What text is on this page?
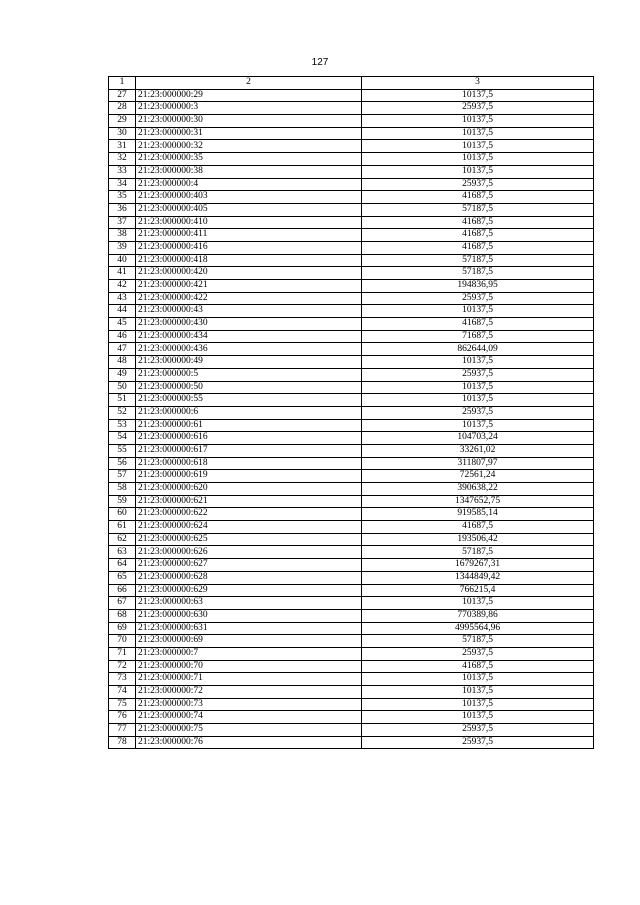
127
1	2	3
27	21:23:000000:29	10137,5
28	21:23:000000:3	25937,5
29	21:23:000000:30	10137,5
30	21:23:000000:31	10137,5
31	21:23:000000:32	10137,5
32	21:23:000000:35	10137,5
33	21:23:000000:38	10137,5
34	21:23:000000:4	25937,5
35	21:23:000000:403	41687,5
36	21:23:000000:405	57187,5
37	21:23:000000:410	41687,5
38	21:23:000000:411	41687,5
39	21:23:000000:416	41687,5
40	21:23:000000:418	57187,5
41	21:23:000000:420	57187,5
42	21:23:000000:421	194836,95
43	21:23:000000:422	25937,5
44	21:23:000000:43	10137,5
45	21:23:000000:430	41687,5
46	21:23:000000:434	71687,5
47	21:23:000000:436	862644,09
48	21:23:000000:49	10137,5
49	21:23:000000:5	25937,5
50	21:23:000000:50	10137,5
51	21:23:000000:55	10137,5
52	21:23:000000:6	25937,5
53	21:23:000000:61	10137,5
54	21:23:000000:616	104703,24
55	21:23:000000:617	33261,02
56	21:23:000000:618	311807,97
57	21:23:000000:619	72561,24
58	21:23:000000:620	390638,22
59	21:23:000000:621	1347652,75
60	21:23:000000:622	919585,14
61	21:23:000000:624	41687,5
62	21:23:000000:625	193506,42
63	21:23:000000:626	57187,5
64	21:23:000000:627	1679267,31
65	21:23:000000:628	1344849,42
66	21:23:000000:629	766215,4
67	21:23:000000:63	10137,5
68	21:23:000000:630	770389,86
69	21:23:000000:631	4995564,96
70	21:23:000000:69	57187,5
71	21:23:000000:7	25937,5
72	21:23:000000:70	41687,5
73	21:23:000000:71	10137,5
74	21:23:000000:72	10137,5
75	21:23:000000:73	10137,5
76	21:23:000000:74	10137,5
77	21:23:000000:75	25937,5
78	21:23:000000:76	25937,5
